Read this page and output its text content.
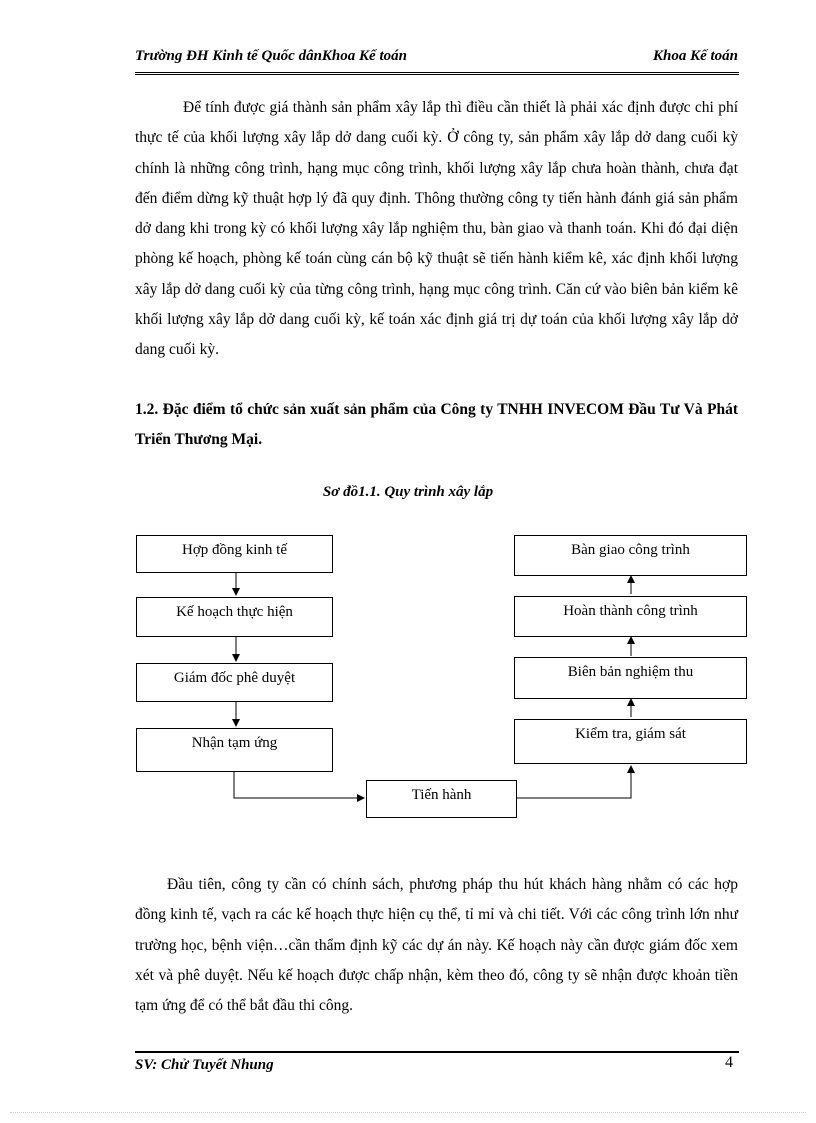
Trường ĐH Kinh tế Quốc dânKhoa Kế toán	Khoa Kế toán
Để tính được giá thành sản phẩm xây lắp thì điều cần thiết là phải xác định được chi phí thực tế của khối lượng xây lắp dở dang cuối kỳ. Ở công ty, sản phẩm xây lắp dở dang cuối kỳ chính là những công trình, hạng mục công trình, khối lượng xây lắp chưa hoàn thành, chưa đạt đến điểm dừng kỹ thuật hợp lý đã quy định. Thông thường công ty tiến hành đánh giá sản phẩm dở dang khi trong kỳ có khối lượng xây lắp nghiệm thu, bàn giao và thanh toán. Khi đó đại diện phòng kế hoạch, phòng kế toán cùng cán bộ kỹ thuật sẽ tiến hành kiểm kê, xác định khối lượng xây lắp dở dang cuối kỳ của từng công trình, hạng mục công trình. Căn cứ vào biên bản kiểm kê khối lượng xây lắp dở dang cuối kỳ, kế toán xác định giá trị dự toán của khối lượng xây lắp dở dang cuối kỳ.
1.2. Đặc điểm tổ chức sản xuất sản phẩm của Công ty TNHH INVECOM Đầu Tư Và Phát Triển Thương Mại.
Sơ đồ1.1. Quy trình xây lắp
Hợp đồng kinh tế
Kế hoạch thực hiện
Giám đốc phê duyệt
Nhận tạm ứng
Tiến hành
Bàn giao công trình
Hoàn thành công trình
Biên bản nghiệm thu
Kiểm tra, giám sát
Đầu tiên, công ty cần có chính sách, phương pháp thu hút khách hàng nhằm có các hợp đồng kinh tế, vạch ra các kế hoạch thực hiện cụ thể, tỉ mỉ và chi tiết. Với các công trình lớn như trường học, bệnh viện…cần thẩm định kỹ các dự án này. Kế hoạch này cần được giám đốc xem xét và phê duyệt. Nếu kế hoạch được chấp nhận, kèm theo đó, công ty sẽ nhận được khoản tiền tạm ứng để có thể bắt đầu thi công.
SV: Chử Tuyết Nhung	4
